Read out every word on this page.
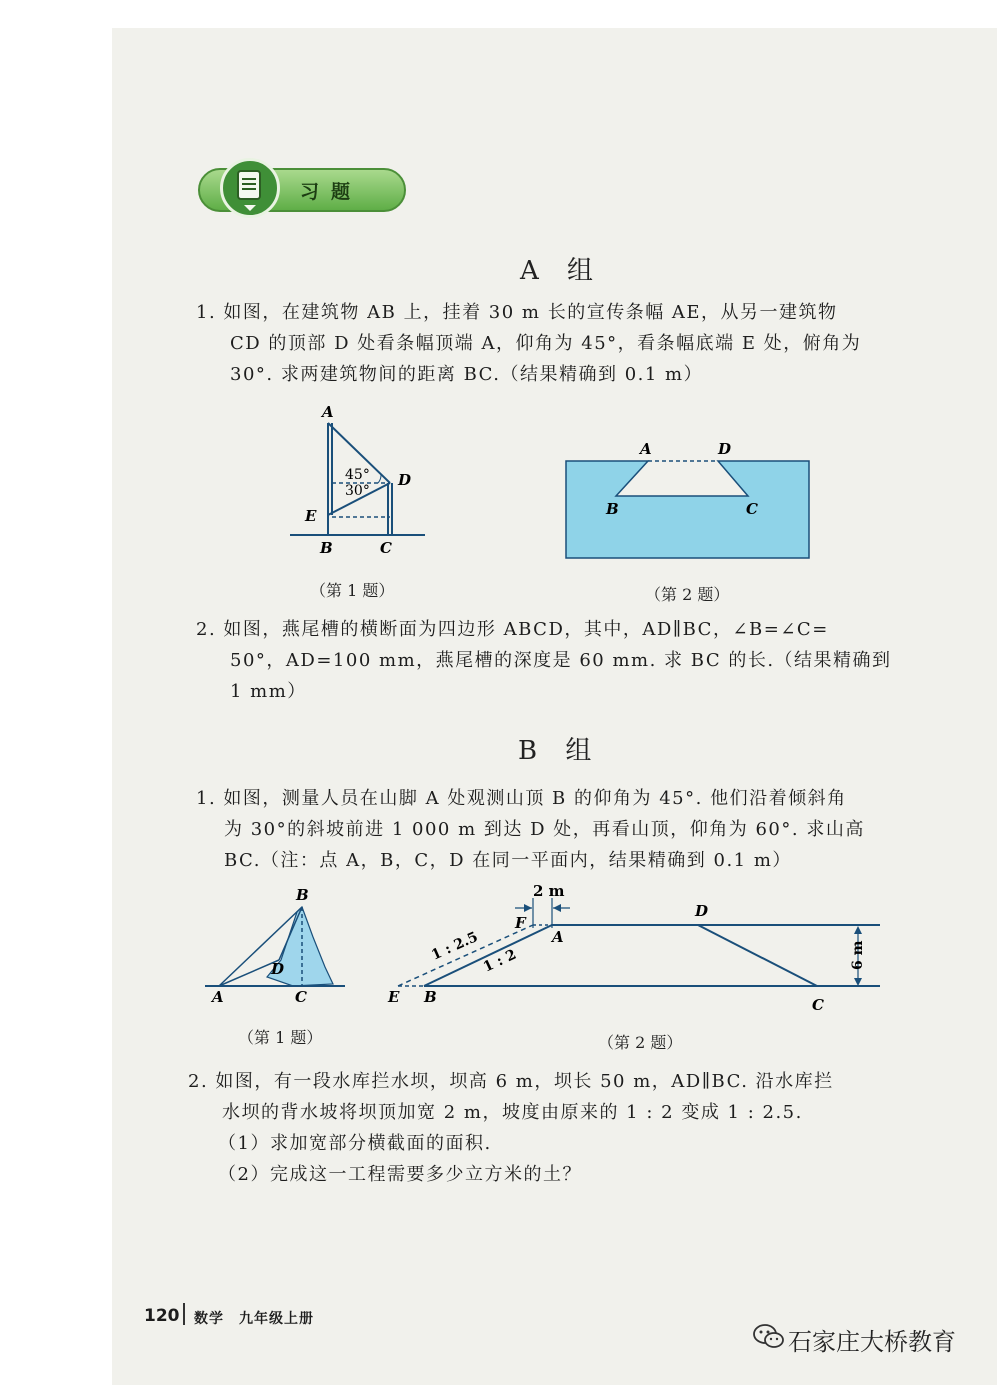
习题
A 组
1. 如图，在建筑物 AB 上，挂着 30 m 长的宣传条幅 AE，从另一建筑物
CD 的顶部 D 处看条幅顶端 A，仰角为 45°，看条幅底端 E 处，俯角为
30°. 求两建筑物间的距离 BC.（结果精确到 0.1 m）
A
45°
30°
D
E
B	C
（第 1 题）
A	D
B	C
（第 2 题）
2. 如图，燕尾槽的横断面为四边形 ABCD，其中，AD∥BC，∠B=∠C=
50°，AD=100 mm，燕尾槽的深度是 60 mm. 求 BC 的长.（结果精确到
1 mm）
B 组
1. 如图，测量人员在山脚 A 处观测山顶 B 的仰角为 45°. 他们沿着倾斜角
为 30°的斜坡前进 1 000 m 到达 D 处，再看山顶，仰角为 60°. 求山高
BC.（注：点 A，B，C，D 在同一平面内，结果精确到 0.1 m）
B
D
A	C
（第 1 题）
2 m
F
A
D
1 : 2.5 1 : 2
E B	C
6 m
（第 2 题）
2. 如图，有一段水库拦水坝，坝高 6 m，坝长 50 m，AD∥BC. 沿水库拦
水坝的背水坡将坝顶加宽 2 m，坡度由原来的 1 : 2 变成 1 : 2.5.
（1）求加宽部分横截面的面积.
（2）完成这一工程需要多少立方米的土？
120 数学　九年级上册
石家庄大桥教育
